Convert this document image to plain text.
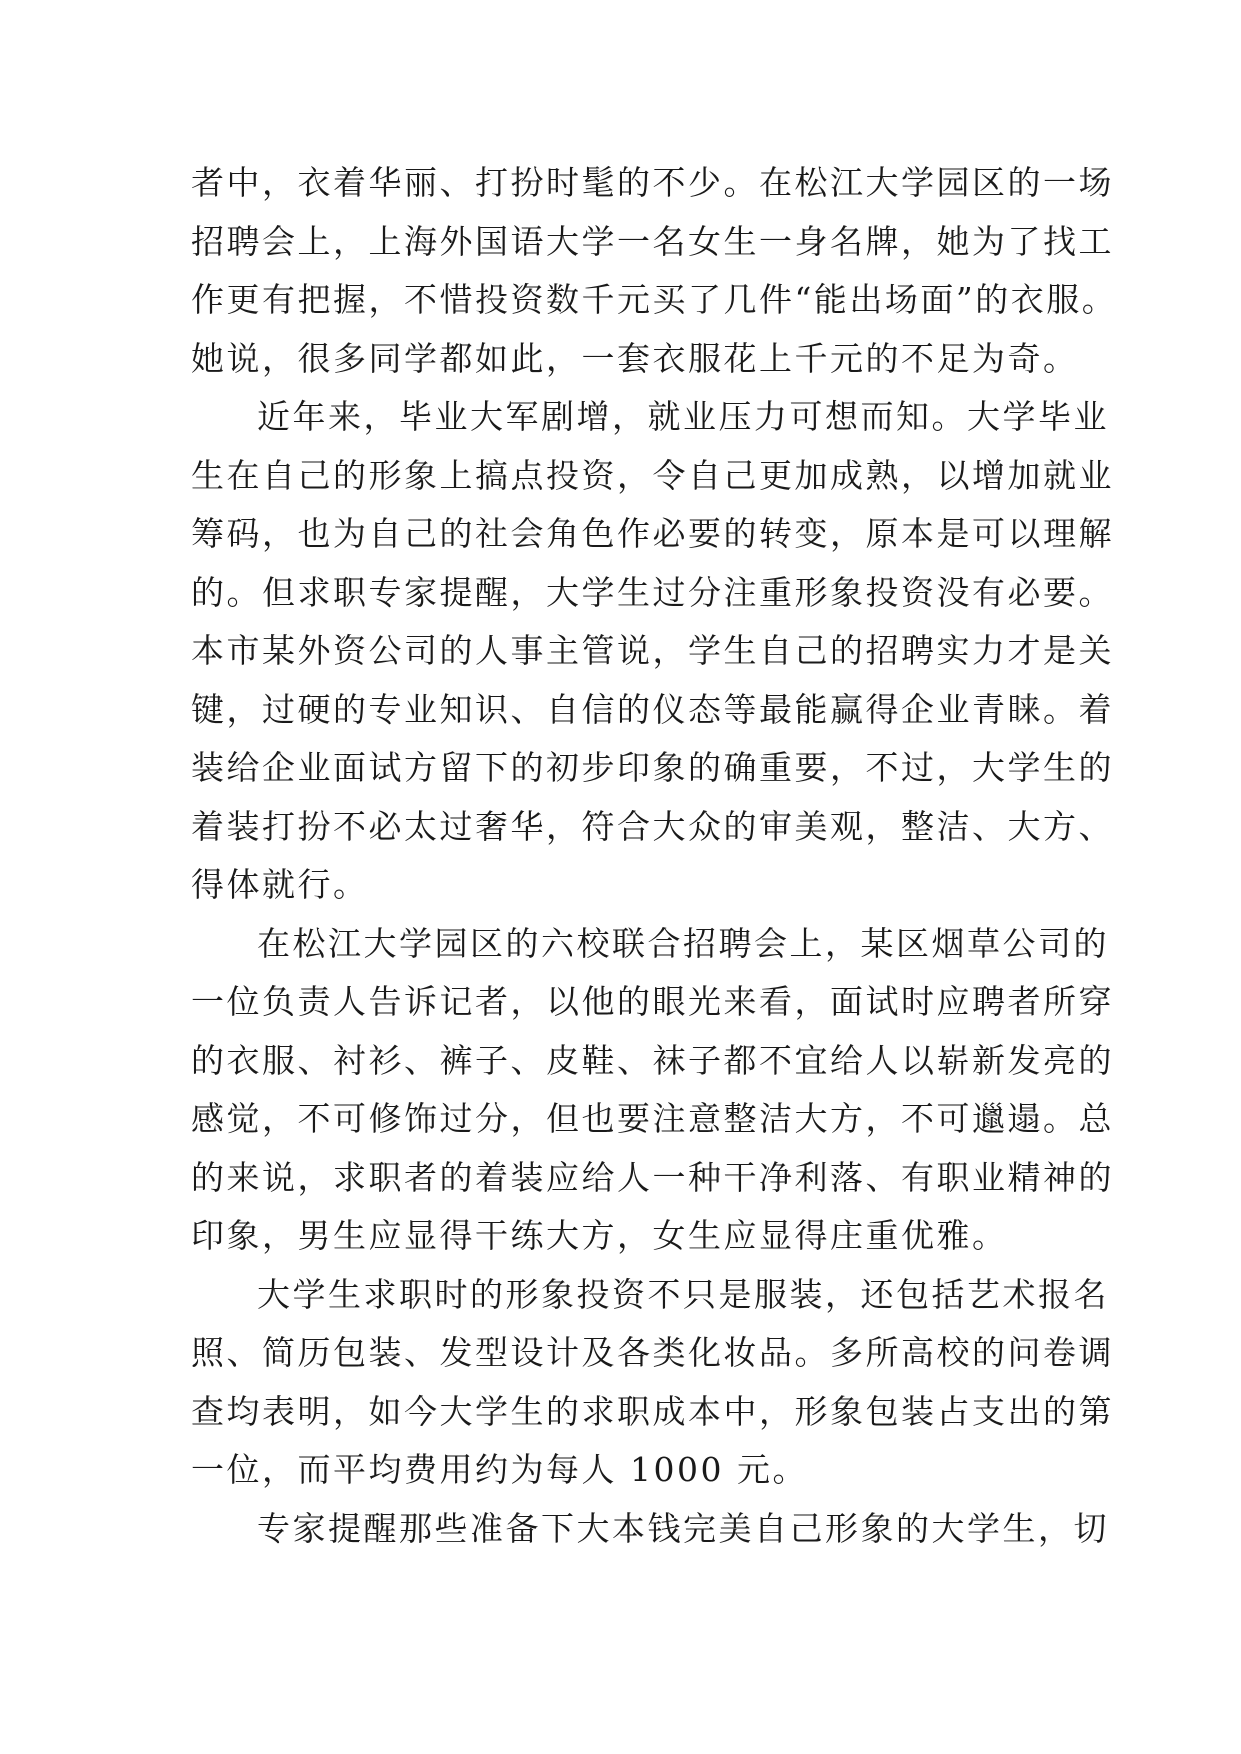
者中，衣着华丽、打扮时髦的不少。在松江大学园区的一场
招聘会上，上海外国语大学一名女生一身名牌，她为了找工
作更有把握，不惜投资数千元买了几件“能出场面”的衣服。
她说，很多同学都如此，一套衣服花上千元的不足为奇。
近年来，毕业大军剧增，就业压力可想而知。大学毕业
生在自己的形象上搞点投资，令自己更加成熟，以增加就业
筹码，也为自己的社会角色作必要的转变，原本是可以理解
的。但求职专家提醒，大学生过分注重形象投资没有必要。
本市某外资公司的人事主管说，学生自己的招聘实力才是关
键，过硬的专业知识、自信的仪态等最能赢得企业青睐。着
装给企业面试方留下的初步印象的确重要，不过，大学生的
着装打扮不必太过奢华，符合大众的审美观，整洁、大方、
得体就行。
在松江大学园区的六校联合招聘会上，某区烟草公司的
一位负责人告诉记者，以他的眼光来看，面试时应聘者所穿
的衣服、衬衫、裤子、皮鞋、袜子都不宜给人以崭新发亮的
感觉，不可修饰过分，但也要注意整洁大方，不可邋遢。总
的来说，求职者的着装应给人一种干净利落、有职业精神的
印象，男生应显得干练大方，女生应显得庄重优雅。
大学生求职时的形象投资不只是服装，还包括艺术报名
照、简历包装、发型设计及各类化妆品。多所高校的问卷调
查均表明，如今大学生的求职成本中，形象包装占支出的第
一位，而平均费用约为每人 1000 元。
专家提醒那些准备下大本钱完美自己形象的大学生，切
